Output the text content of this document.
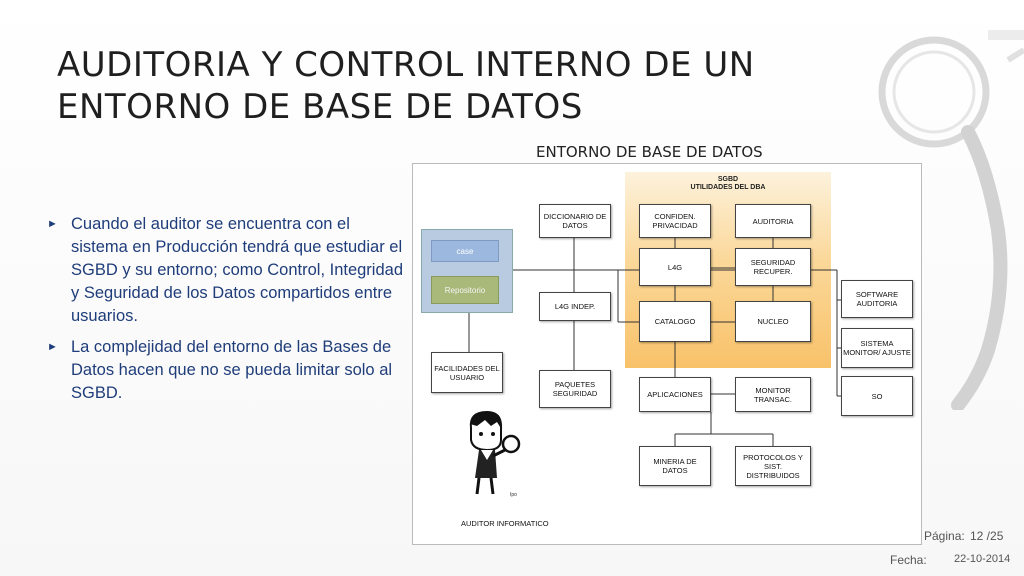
AUDITORIA Y CONTROL INTERNO DE UN ENTORNO DE BASE DE DATOS
► Cuando el auditor se encuentra con el sistema en Producción tendrá que estudiar el SGBD y su entorno; como Control, Integridad y Seguridad de los Datos compartidos entre usuarios.
► La complejidad del entorno de las Bases de Datos hacen que no se pueda limitar solo al SGBD.
ENTORNO DE BASE DE DATOS
SGBD
UTILIDADES DEL DBA
case
Repositorio
DICCIONARIO DE DATOS
CONFIDEN. PRIVACIDAD	AUDITORIA
L4G	SEGURIDAD RECUPER.
L4G INDEP.
CATALOGO	NUCLEO
SOFTWARE AUDITORIA
SISTEMA MONITOR/ AJUSTE
SO
FACILIDADES DEL USUARIO
PAQUETES SEGURIDAD	APLICACIONES	MONITOR TRANSAC.
MINERIA DE DATOS
PROTOCOLOS Y SIST. DISTRIBUIDOS
Ipo
AUDITOR INFORMATICO
Página: 12 /25
Fecha: 22-10-2014
